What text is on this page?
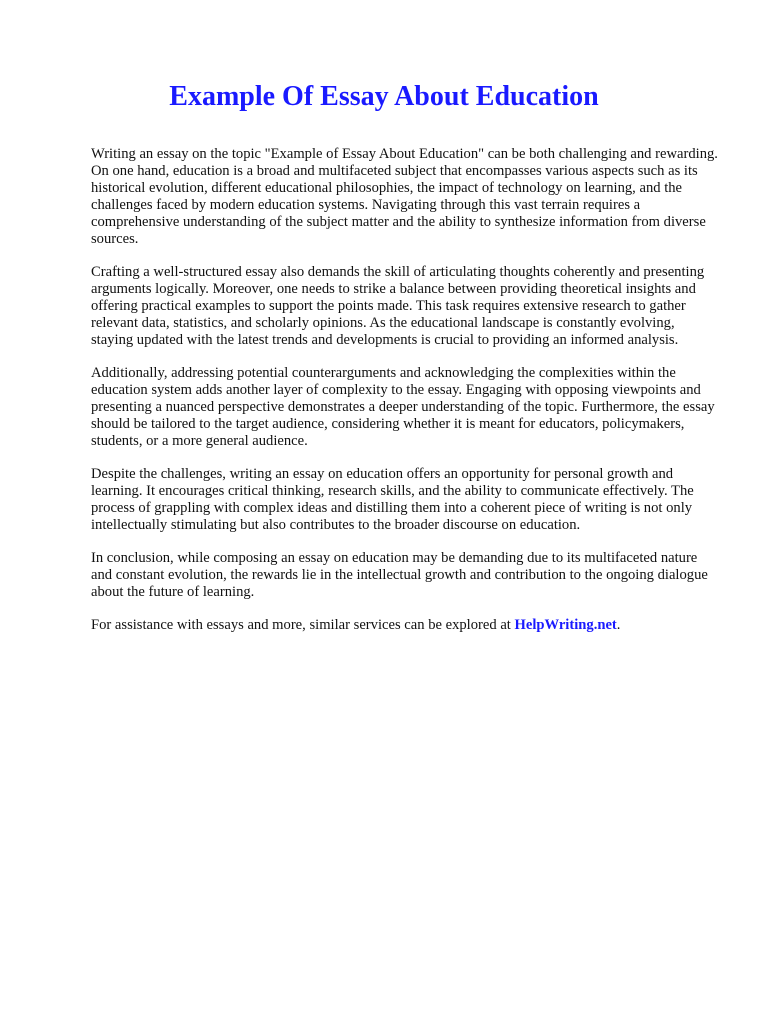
Example Of Essay About Education

Writing an essay on the topic "Example of Essay About Education" can be both challenging and rewarding. On one hand, education is a broad and multifaceted subject that encompasses various aspects such as its historical evolution, different educational philosophies, the impact of technology on learning, and the challenges faced by modern education systems. Navigating through this vast terrain requires a comprehensive understanding of the subject matter and the ability to synthesize information from diverse sources.

Crafting a well-structured essay also demands the skill of articulating thoughts coherently and presenting arguments logically. Moreover, one needs to strike a balance between providing theoretical insights and offering practical examples to support the points made. This task requires extensive research to gather relevant data, statistics, and scholarly opinions. As the educational landscape is constantly evolving, staying updated with the latest trends and developments is crucial to providing an informed analysis.

Additionally, addressing potential counterarguments and acknowledging the complexities within the education system adds another layer of complexity to the essay. Engaging with opposing viewpoints and presenting a nuanced perspective demonstrates a deeper understanding of the topic. Furthermore, the essay should be tailored to the target audience, considering whether it is meant for educators, policymakers, students, or a more general audience.

Despite the challenges, writing an essay on education offers an opportunity for personal growth and learning. It encourages critical thinking, research skills, and the ability to communicate effectively. The process of grappling with complex ideas and distilling them into a coherent piece of writing is not only intellectually stimulating but also contributes to the broader discourse on education.

In conclusion, while composing an essay on education may be demanding due to its multifaceted nature and constant evolution, the rewards lie in the intellectual growth and contribution to the ongoing dialogue about the future of learning.

For assistance with essays and more, similar services can be explored at HelpWriting.net.
